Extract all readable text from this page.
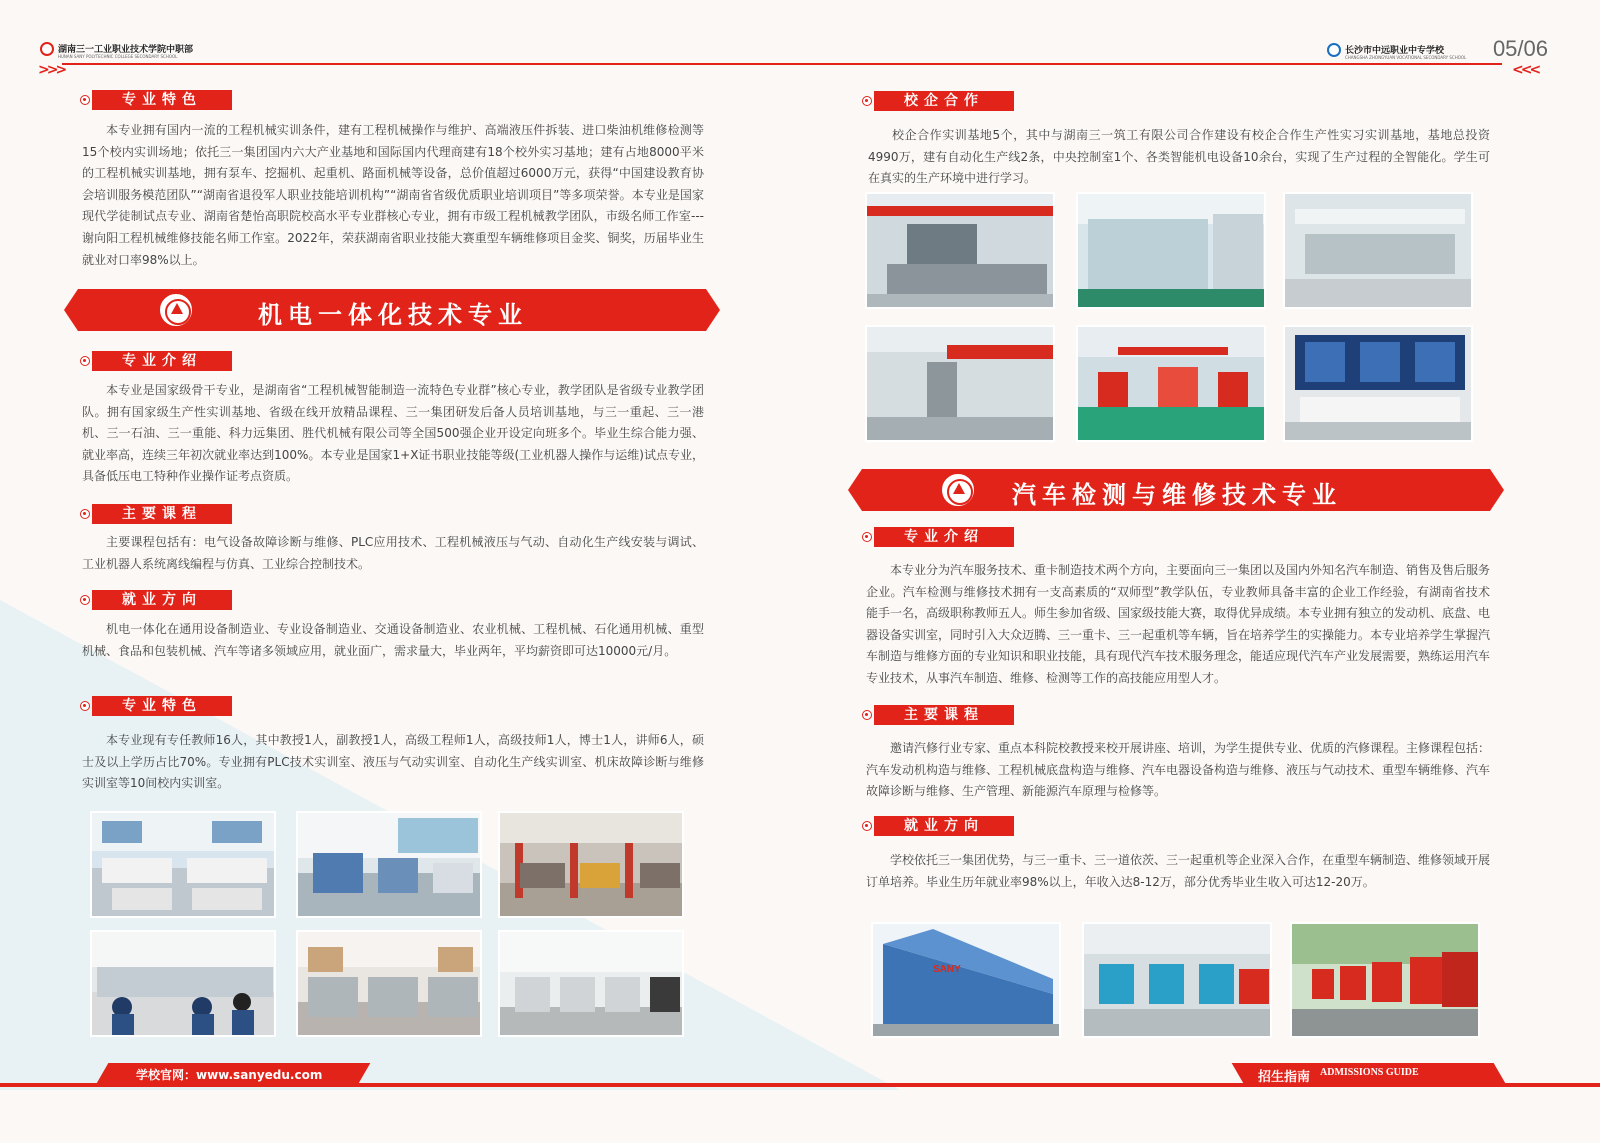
湖南三一工业职业技术学院中职部
HUNAN SANY POLYTECHNIC COLLEGE SECONDARY SCHOOL
长沙市中远职业中专学校
CHANGSHA ZHONGYUAN VOCATIONAL SECONDARY SCHOOL 05/06
>>>	<<<
专业特色
本专业拥有国内一流的工程机械实训条件，建有工程机械操作与维护、高端液压件拆装、进口柴油机维修检测等15个校内实训场地；依托三一集团国内六大产业基地和国际国内代理商建有18个校外实习基地；建有占地8000平米的工程机械实训基地，拥有泵车、挖掘机、起重机、路面机械等设备，总价值超过6000万元，获得“中国建设教育协会培训服务模范团队”“湖南省退役军人职业技能培训机构”“湖南省省级优质职业培训项目”等多项荣誉。本专业是国家现代学徒制试点专业、湖南省楚怡高职院校高水平专业群核心专业，拥有市级工程机械教学团队，市级名师工作室---谢向阳工程机械维修技能名师工作室。2022年，荣获湖南省职业技能大赛重型车辆维修项目金奖、铜奖，历届毕业生就业对口率98%以上。
机电一体化技术专业
专业介绍
本专业是国家级骨干专业，是湖南省“工程机械智能制造一流特色专业群”核心专业，教学团队是省级专业教学团队。拥有国家级生产性实训基地、省级在线开放精品课程、三一集团研发后备人员培训基地，与三一重起、三一港机、三一石油、三一重能、科力远集团、胜代机械有限公司等全国500强企业开设定向班多个。毕业生综合能力强、就业率高，连续三年初次就业率达到100%。本专业是国家1+X证书职业技能等级(工业机器人操作与运维)试点专业，具备低压电工特种作业操作证考点资质。
主要课程
主要课程包括有：电气设备故障诊断与维修、PLC应用技术、工程机械液压与气动、自动化生产线安装与调试、工业机器人系统离线编程与仿真、工业综合控制技术。
就业方向
机电一体化在通用设备制造业、专业设备制造业、交通设备制造业、农业机械、工程机械、石化通用机械、重型机械、食品和包装机械、汽车等诸多领域应用，就业面广，需求量大，毕业两年，平均薪资即可达10000元/月。
专业特色
本专业现有专任教师16人，其中教授1人，副教授1人，高级工程师1人，高级技师1人，博士1人，讲师6人，硕士及以上学历占比70%。专业拥有PLC技术实训室、液压与气动实训室、自动化生产线实训室、机床故障诊断与维修实训室等10间校内实训室。
校企合作
校企合作实训基地5个，其中与湖南三一筑工有限公司合作建设有校企合作生产性实习实训基地，基地总投资4990万，建有自动化生产线2条，中央控制室1个、各类智能机电设备10余台，实现了生产过程的全智能化。学生可在真实的生产环境中进行学习。
汽车检测与维修技术专业
专业介绍
本专业分为汽车服务技术、重卡制造技术两个方向，主要面向三一集团以及国内外知名汽车制造、销售及售后服务企业。汽车检测与维修技术拥有一支高素质的“双师型”教学队伍，专业教师具备丰富的企业工作经验，有湖南省技术能手一名，高级职称教师五人。师生参加省级、国家级技能大赛，取得优异成绩。本专业拥有独立的发动机、底盘、电器设备实训室，同时引入大众迈腾、三一重卡、三一起重机等车辆，旨在培养学生的实操能力。本专业培养学生掌握汽车制造与维修方面的专业知识和职业技能，具有现代汽车技术服务理念，能适应现代汽车产业发展需要，熟练运用汽车专业技术，从事汽车制造、维修、检测等工作的高技能应用型人才。
主要课程
邀请汽修行业专家、重点本科院校教授来校开展讲座、培训，为学生提供专业、优质的汽修课程。主修课程包括：汽车发动机构造与维修、工程机械底盘构造与维修、汽车电器设备构造与维修、液压与气动技术、重型车辆维修、汽车故障诊断与维修、生产管理、新能源汽车原理与检修等。
就业方向
学校依托三一集团优势，与三一重卡、三一道依茨、三一起重机等企业深入合作，在重型车辆制造、维修领域开展订单培养。毕业生历年就业率98%以上，年收入达8-12万，部分优秀毕业生收入可达12-20万。
SANY
学校官网：www.sanyedu.com	招生指南 ADMISSIONS GUIDE
